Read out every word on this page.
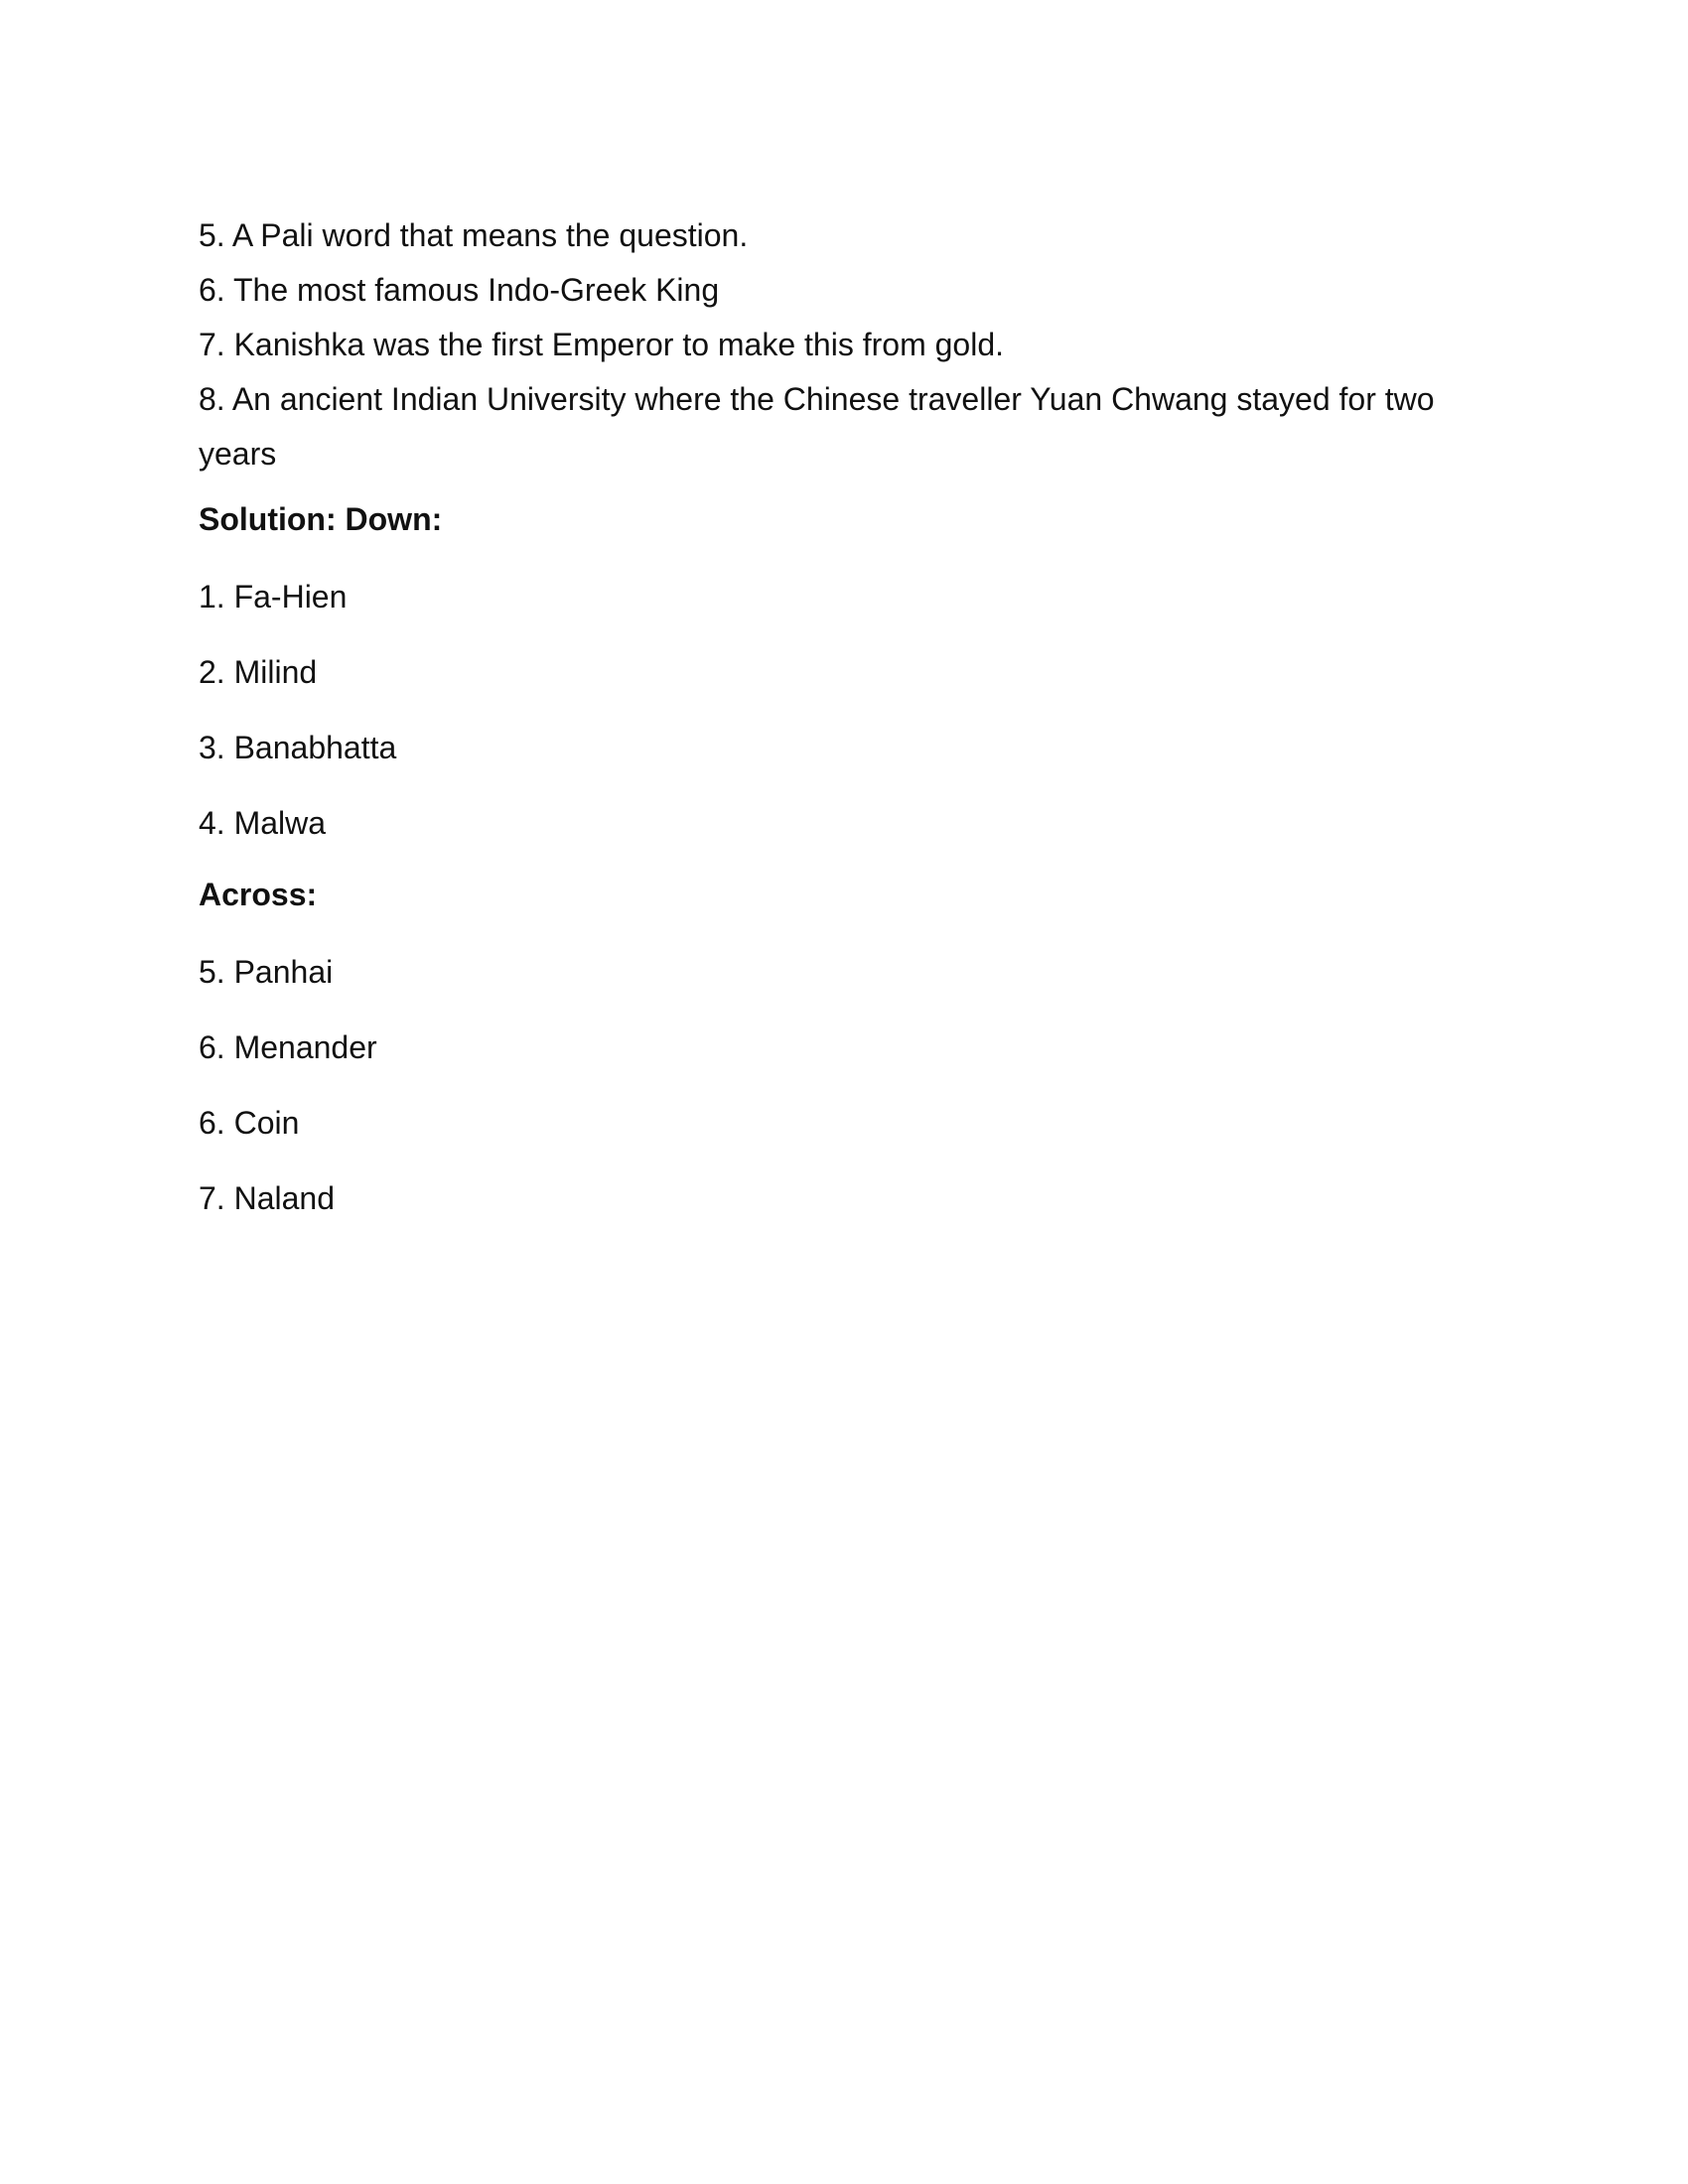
5. A Pali word that means the question.

6. The most famous Indo-Greek King

7. Kanishka was the first Emperor to make this from gold.

8. An ancient Indian University where the Chinese traveller Yuan Chwang stayed for two years

Solution: Down:

1. Fa-Hien

2. Milind

3. Banabhatta

4. Malwa

Across:

5. Panhai

6. Menander

6. Coin

7. Naland
